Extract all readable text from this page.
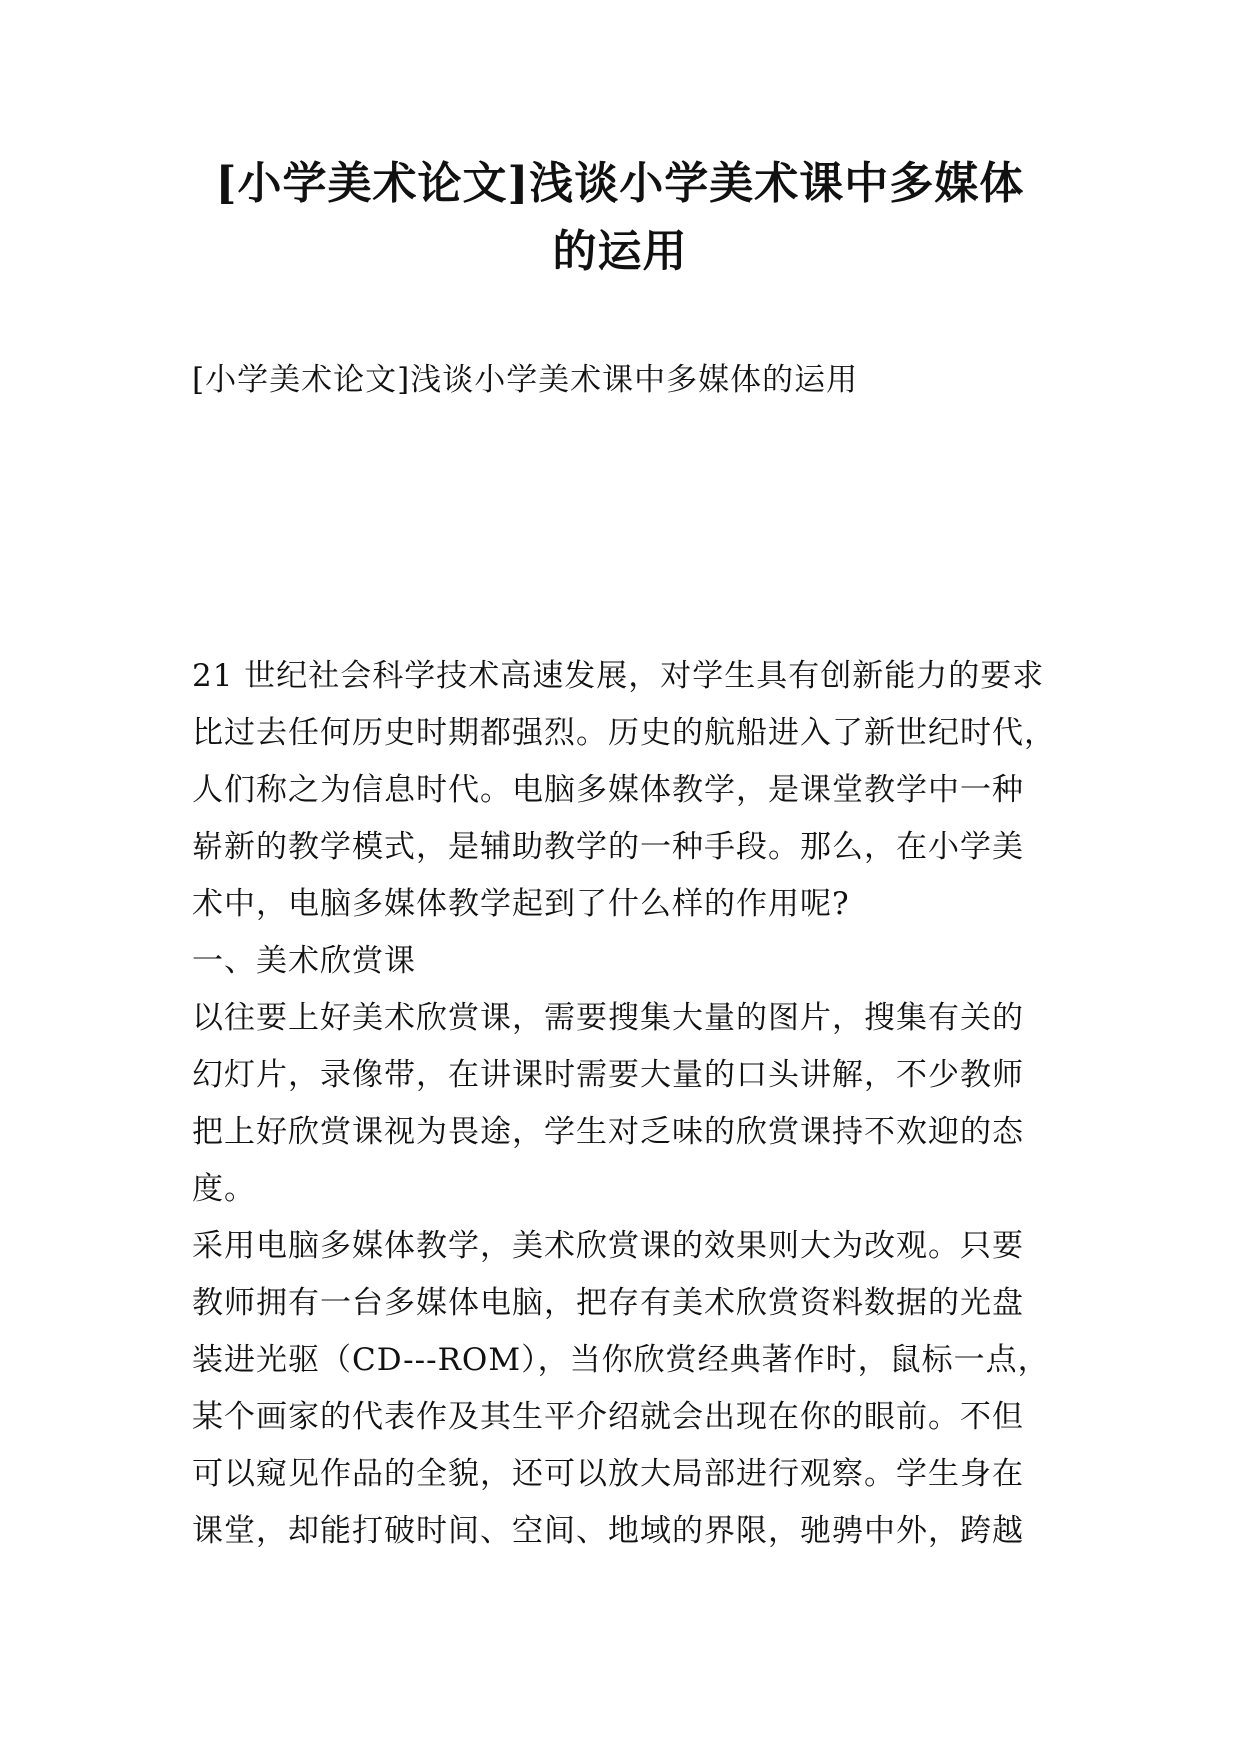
[小学美术论文]浅谈小学美术课中多媒体
的运用

[小学美术论文]浅谈小学美术课中多媒体的运用

21 世纪社会科学技术高速发展，对学生具有创新能力的要求
比过去任何历史时期都强烈。历史的航船进入了新世纪时代，
人们称之为信息时代。电脑多媒体教学，是课堂教学中一种
崭新的教学模式，是辅助教学的一种手段。那么，在小学美
术中，电脑多媒体教学起到了什么样的作用呢?
一、美术欣赏课
以往要上好美术欣赏课，需要搜集大量的图片，搜集有关的
幻灯片，录像带，在讲课时需要大量的口头讲解，不少教师
把上好欣赏课视为畏途，学生对乏味的欣赏课持不欢迎的态
度。
采用电脑多媒体教学，美术欣赏课的效果则大为改观。只要
教师拥有一台多媒体电脑，把存有美术欣赏资料数据的光盘
装进光驱（CD---ROM），当你欣赏经典著作时，鼠标一点，
某个画家的代表作及其生平介绍就会出现在你的眼前。不但
可以窥见作品的全貌，还可以放大局部进行观察。学生身在
课堂，却能打破时间、空间、地域的界限，驰骋中外，跨越
